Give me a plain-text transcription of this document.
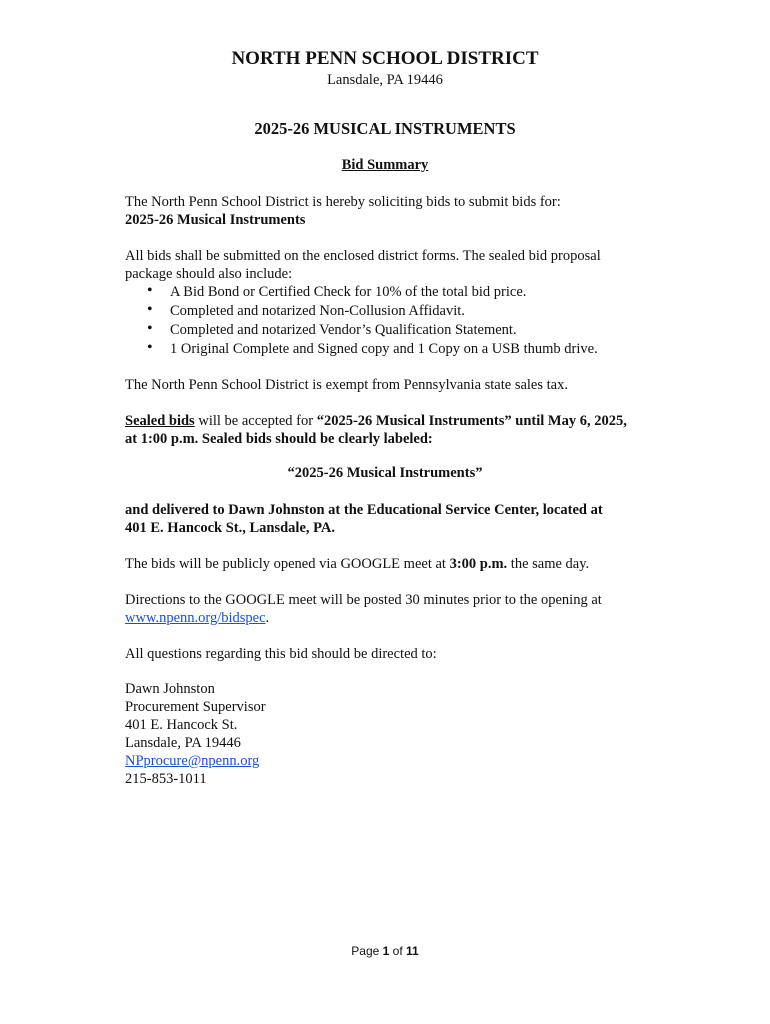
NORTH PENN SCHOOL DISTRICT
Lansdale, PA 19446
2025-26 MUSICAL INSTRUMENTS
Bid Summary
The North Penn School District is hereby soliciting bids to submit bids for:
2025-26 Musical Instruments
All bids shall be submitted on the enclosed district forms. The sealed bid proposal
package should also include:
• A Bid Bond or Certified Check for 10% of the total bid price.
• Completed and notarized Non-Collusion Affidavit.
• Completed and notarized Vendor’s Qualification Statement.
• 1 Original Complete and Signed copy and 1 Copy on a USB thumb drive.
The North Penn School District is exempt from Pennsylvania state sales tax.
Sealed bids will be accepted for “2025-26 Musical Instruments” until May 6, 2025,
at 1:00 p.m. Sealed bids should be clearly labeled:
“2025-26 Musical Instruments”
and delivered to Dawn Johnston at the Educational Service Center, located at
401 E. Hancock St., Lansdale, PA.
The bids will be publicly opened via GOOGLE meet at 3:00 p.m. the same day.
Directions to the GOOGLE meet will be posted 30 minutes prior to the opening at
www.npenn.org/bidspec.
All questions regarding this bid should be directed to:
Dawn Johnston
Procurement Supervisor
401 E. Hancock St.
Lansdale, PA 19446
NPprocure@npenn.org
215-853-1011
Page 1 of 11
